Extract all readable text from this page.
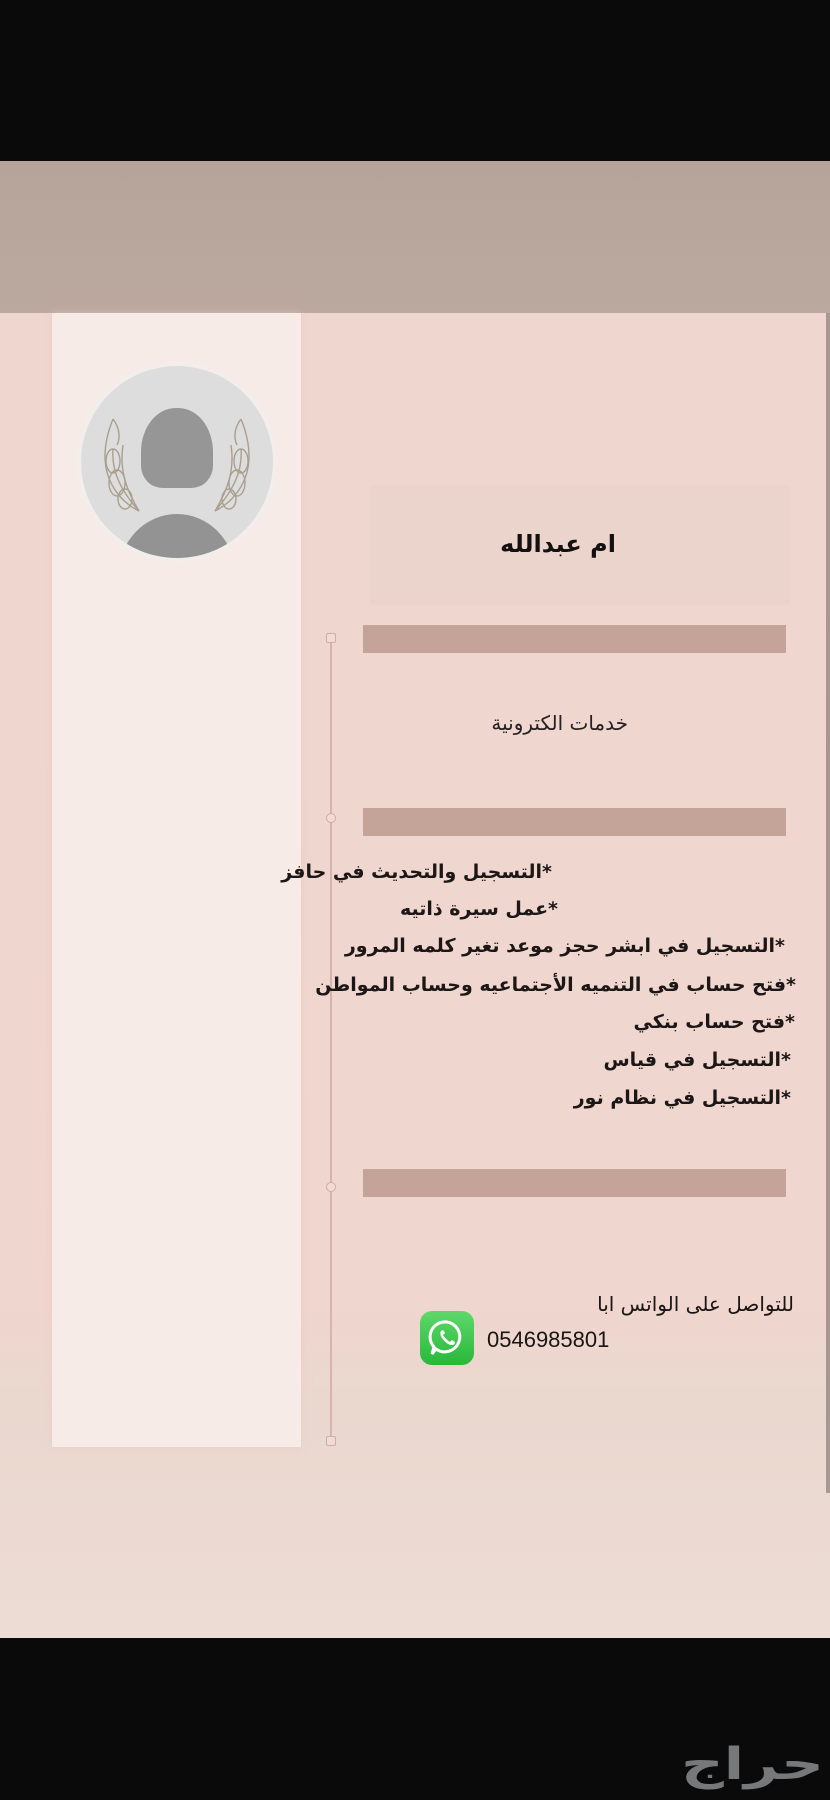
ام عبدالله
خدمات الكترونية
*التسجيل والتحديث في حافز
*عمل سيرة ذاتيه
*التسجيل في ابشر حجز موعد تغير كلمه المرور
*فتح حساب في التنميه الأجتماعيه وحساب المواطن
*فتح حساب بنكي
*التسجيل في قياس
*التسجيل في نظام نور
للتواصل على الواتس ابا
0546985801
حراج
